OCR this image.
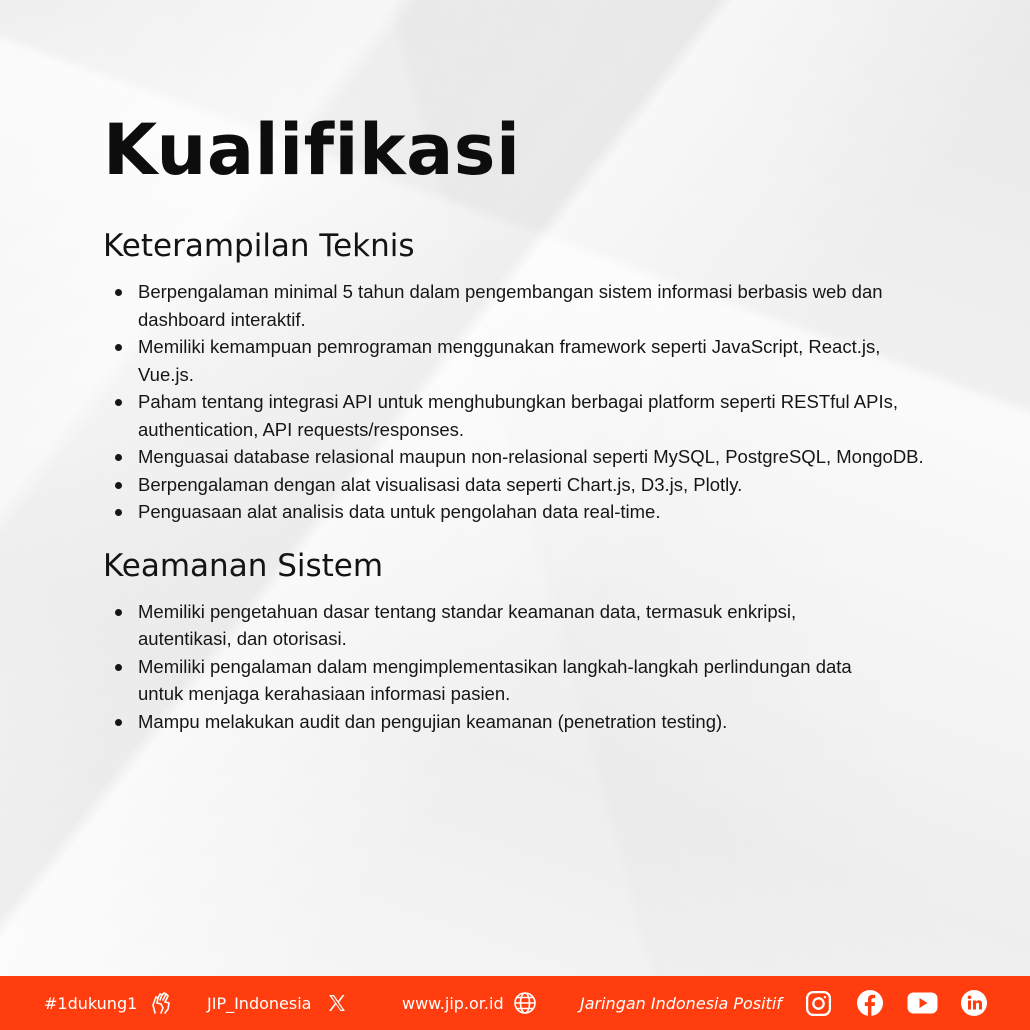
Kualifikasi
Keterampilan Teknis
Berpengalaman minimal 5 tahun dalam pengembangan sistem informasi berbasis web dan dashboard interaktif.
Memiliki kemampuan pemrograman menggunakan framework seperti JavaScript, React.js, Vue.js.
Paham tentang integrasi API untuk menghubungkan berbagai platform seperti RESTful APIs, authentication, API requests/responses.
Menguasai database relasional maupun non-relasional seperti MySQL, PostgreSQL, MongoDB.
Berpengalaman dengan alat visualisasi data seperti Chart.js, D3.js, Plotly.
Penguasaan alat analisis data untuk pengolahan data real-time.
Keamanan Sistem
Memiliki pengetahuan dasar tentang standar keamanan data, termasuk enkripsi, autentikasi, dan otorisasi.
Memiliki pengalaman dalam mengimplementasikan langkah-langkah perlindungan data untuk menjaga kerahasiaan informasi pasien.
Mampu melakukan audit dan pengujian keamanan (penetration testing).
#1dukung1	JIP_Indonesia	www.jip.or.id	Jaringan Indonesia Positif
